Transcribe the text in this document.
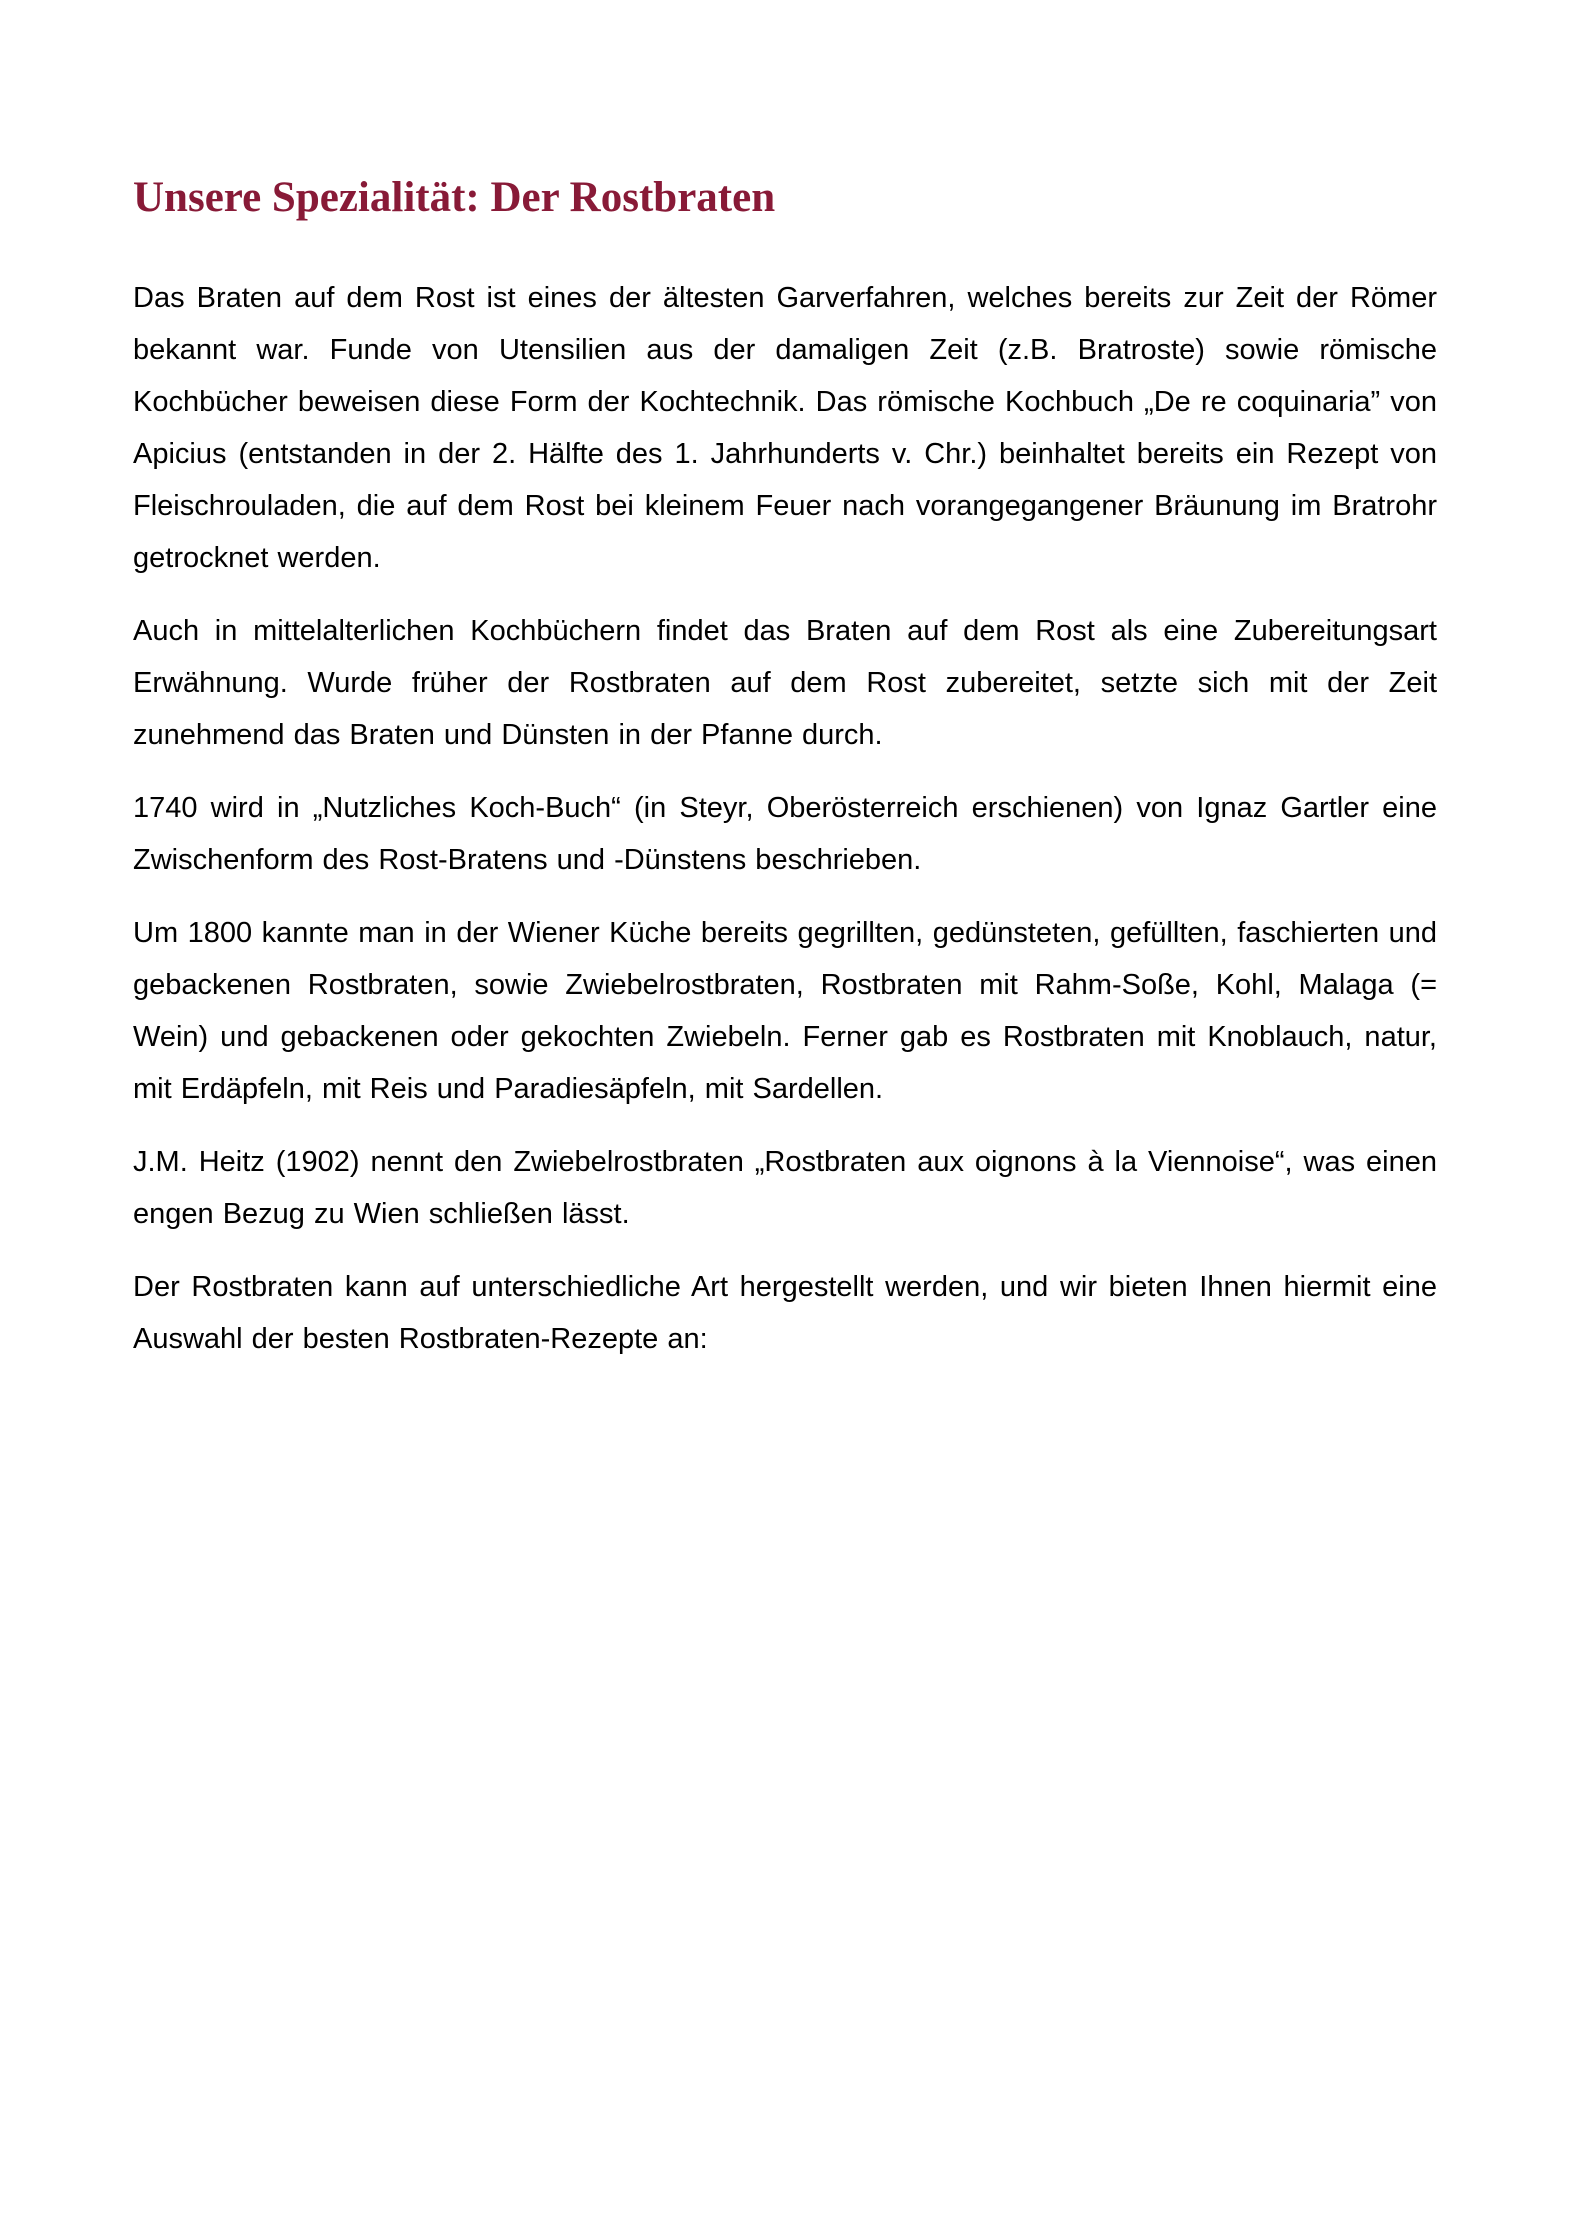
Unsere Spezialität: Der Rostbraten

Das Braten auf dem Rost ist eines der ältesten Garverfahren, welches bereits zur Zeit der Römer bekannt war. Funde von Utensilien aus der damaligen Zeit (z.B. Bratroste) sowie römische Kochbücher beweisen diese Form der Kochtechnik. Das römische Kochbuch „De re coquinaria” von Apicius (entstanden in der 2. Hälfte des 1. Jahrhunderts v. Chr.) beinhaltet bereits ein Rezept von Fleischrouladen, die auf dem Rost bei kleinem Feuer nach vorangegangener Bräunung im Bratrohr getrocknet werden.

Auch in mittelalterlichen Kochbüchern findet das Braten auf dem Rost als eine Zubereitungsart Erwähnung. Wurde früher der Rostbraten auf dem Rost zubereitet, setzte sich mit der Zeit zunehmend das Braten und Dünsten in der Pfanne durch.

1740 wird in „Nutzliches Koch-Buch“ (in Steyr, Oberösterreich erschienen) von Ignaz Gartler eine Zwischenform des Rost-Bratens und -Dünstens beschrieben.

Um 1800 kannte man in der Wiener Küche bereits gegrillten, gedünsteten, gefüllten, faschierten und gebackenen Rostbraten, sowie Zwiebelrostbraten, Rostbraten mit Rahm-Soße, Kohl, Malaga (= Wein) und gebackenen oder gekochten Zwiebeln. Ferner gab es Rostbraten mit Knoblauch, natur, mit Erdäpfeln, mit Reis und Paradiesäpfeln, mit Sardellen.

J.M. Heitz (1902) nennt den Zwiebelrostbraten „Rostbraten aux oignons à la Viennoise“, was einen engen Bezug zu Wien schließen lässt.

Der Rostbraten kann auf unterschiedliche Art hergestellt werden, und wir bieten Ihnen hiermit eine Auswahl der besten Rostbraten-Rezepte an:
